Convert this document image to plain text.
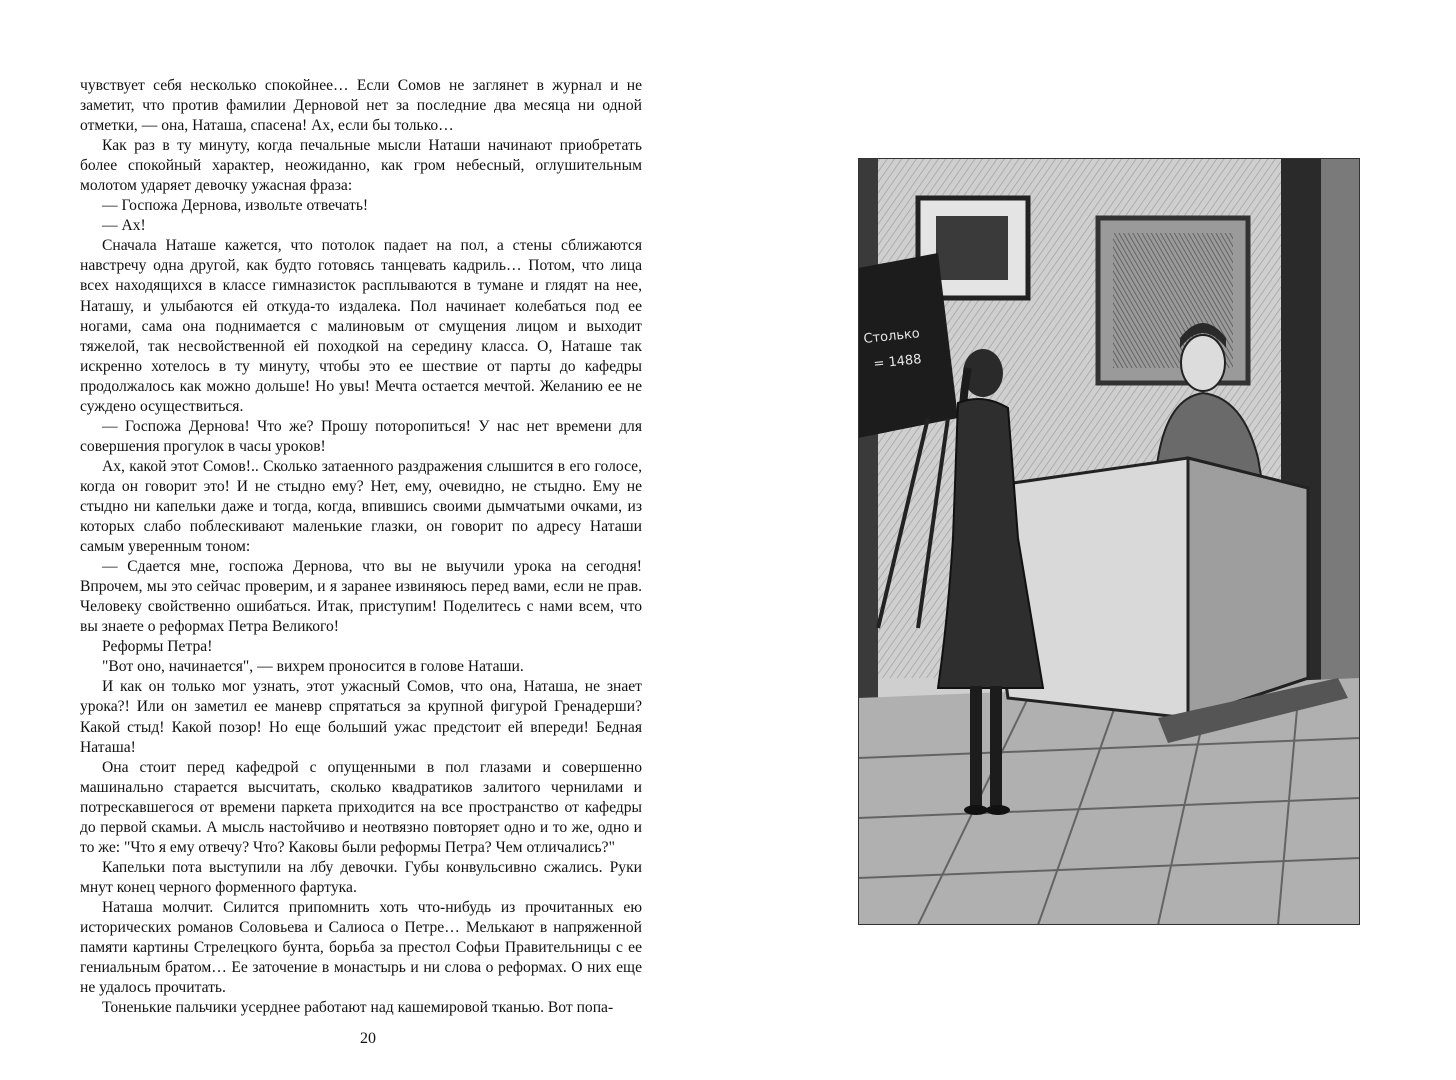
чувствует себя несколько спокойнее… Если Сомов не заглянет в журнал и не заметит, что против фамилии Дерновой нет за последние два месяца ни одной отметки, — она, Наташа, спасена! Ах, если бы только…

Как раз в ту минуту, когда печальные мысли Наташи начинают приобретать более спокойный характер, неожиданно, как гром небесный, оглушительным молотом ударяет девочку ужасная фраза:

— Госпожа Дернова, извольте отвечать!

— Ах!

Сначала Наташе кажется, что потолок падает на пол, а стены сближаются навстречу одна другой, как будто готовясь танцевать кадриль… Потом, что лица всех находящихся в классе гимназисток расплываются в тумане и глядят на нее, Наташу, и улыбаются ей откуда-то издалека. Пол начинает колебаться под ее ногами, сама она поднимается с малиновым от смущения лицом и выходит тяжелой, так несвойственной ей походкой на середину класса. О, Наташе так искренно хотелось в ту минуту, чтобы это ее шествие от парты до кафедры продолжалось как можно дольше! Но увы! Мечта остается мечтой. Желанию ее не суждено осуществиться.

— Госпожа Дернова! Что же? Прошу поторопиться! У нас нет времени для совершения прогулок в часы уроков!

Ах, какой этот Сомов!.. Сколько затаенного раздражения слышится в его голосе, когда он говорит это! И не стыдно ему? Нет, ему, очевидно, не стыдно. Ему не стыдно ни капельки даже и тогда, когда, впившись своими дымчатыми очками, из которых слабо поблескивают маленькие глазки, он говорит по адресу Наташи самым уверенным тоном:

— Сдается мне, госпожа Дернова, что вы не выучили урока на сегодня! Впрочем, мы это сейчас проверим, и я заранее извиняюсь перед вами, если не прав. Человеку свойственно ошибаться. Итак, приступим! Поделитесь с нами всем, что вы знаете о реформах Петра Великого!

Реформы Петра!

"Вот оно, начинается", — вихрем проносится в голове Наташи.

И как он только мог узнать, этот ужасный Сомов, что она, Наташа, не знает урока?! Или он заметил ее маневр спрятаться за крупной фигурой Гренадерши? Какой стыд! Какой позор! Но еще больший ужас предстоит ей впереди! Бедная Наташа!

Она стоит перед кафедрой с опущенными в пол глазами и совершенно машинально старается высчитать, сколько квадратиков залитого чернилами и потрескавшегося от времени паркета приходится на все пространство от кафедры до первой скамьи. А мысль настойчиво и неотвязно повторяет одно и то же, одно и то же: "Что я ему отвечу? Что? Каковы были реформы Петра? Чем отличались?"

Капельки пота выступили на лбу девочки. Губы конвульсивно сжались. Руки мнут конец черного форменного фартука.

Наташа молчит. Силится припомнить хоть что-нибудь из прочитанных ею исторических романов Соловьева и Салиоса о Петре… Мелькают в напряженной памяти картины Стрелецкого бунта, борьба за престол Софьи Правительницы с ее гениальным братом… Ее заточение в монастырь и ни слова о реформах. О них еще не удалось прочитать.

Тоненькие пальчики усерднее работают над кашемировой тканью. Вот попа-

20
Столько
= 1488
